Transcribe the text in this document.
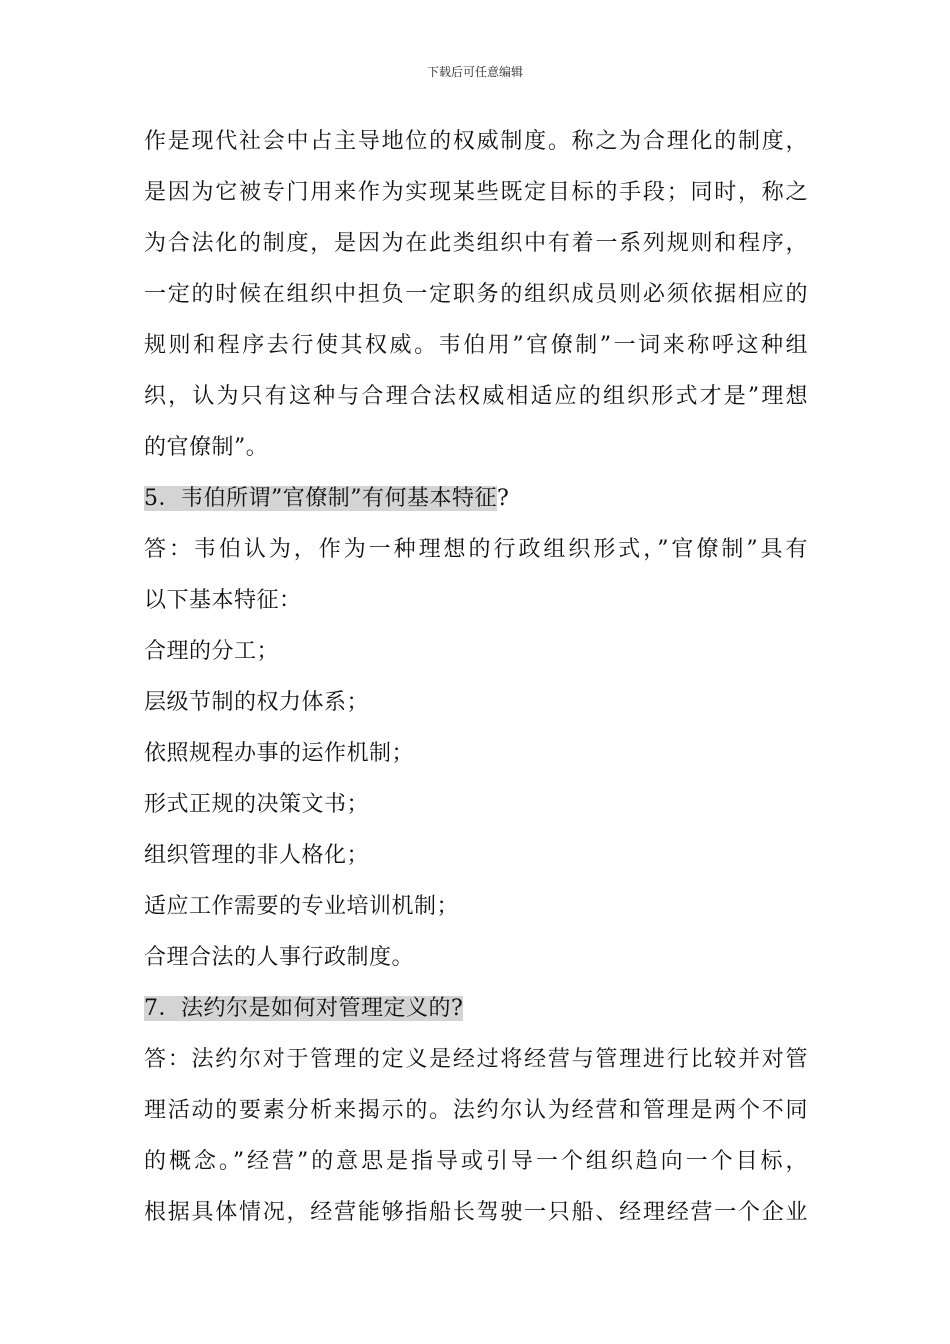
下载后可任意编辑
作是现代社会中占主导地位的权威制度。称之为合理化的制度，
是因为它被专门用来作为实现某些既定目标的手段；同时，称之
为合法化的制度，是因为在此类组织中有着一系列规则和程序，
一定的时候在组织中担负一定职务的组织成员则必须依据相应的
规则和程序去行使其权威。韦伯用”官僚制”一词来称呼这种组
织，认为只有这种与合理合法权威相适应的组织形式才是”理想
的官僚制”。
5．韦伯所谓”官僚制”有何基本特征?
答：韦伯认为，作为一种理想的行政组织形式，”官僚制”具有
以下基本特征：
合理的分工；
层级节制的权力体系；
依照规程办事的运作机制；
形式正规的决策文书；
组织管理的非人格化；
适应工作需要的专业培训机制；
合理合法的人事行政制度。
7．法约尔是如何对管理定义的?
答：法约尔对于管理的定义是经过将经营与管理进行比较并对管
理活动的要素分析来揭示的。法约尔认为经营和管理是两个不同
的概念。”经营”的意思是指导或引导一个组织趋向一个目标，
根据具体情况，经营能够指船长驾驶一只船、经理经营一个企业
